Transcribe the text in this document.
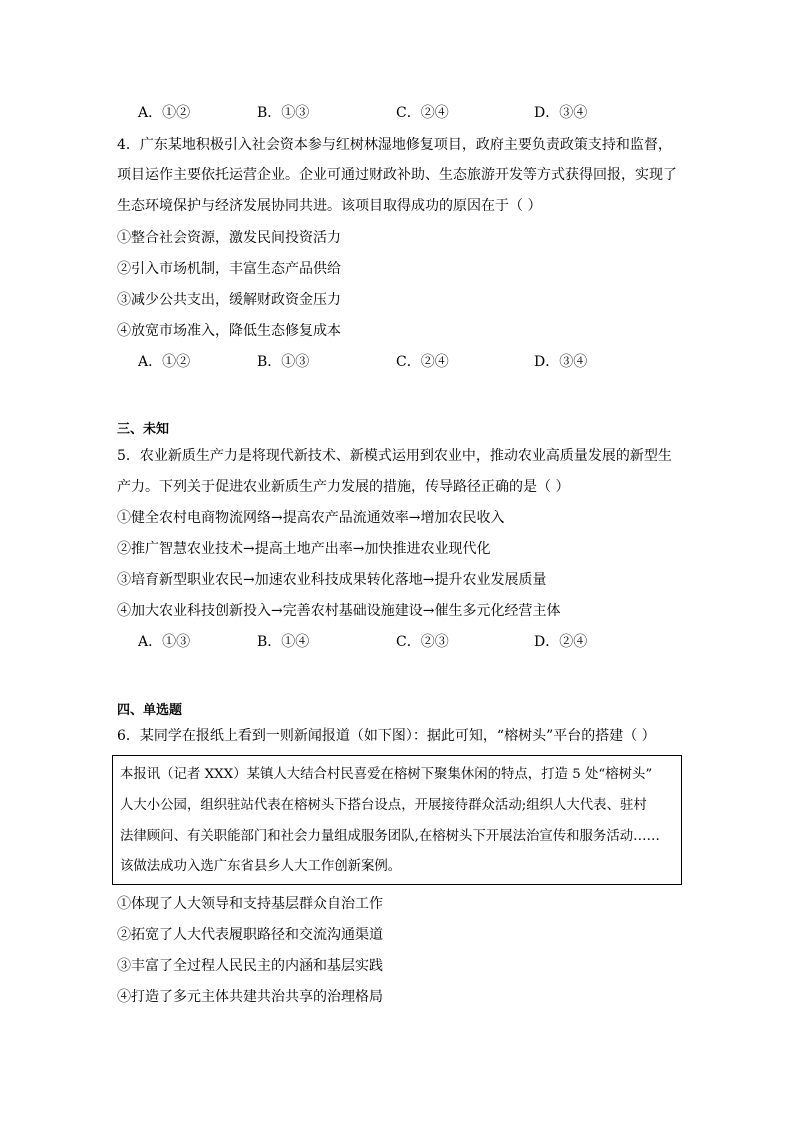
A．①②	B．①③	C．②④	D．③④
4．广东某地积极引入社会资本参与红树林湿地修复项目，政府主要负责政策支持和监督，
项目运作主要依托运营企业。企业可通过财政补助、生态旅游开发等方式获得回报，实现了
生态环境保护与经济发展协同共进。该项目取得成功的原因在于（ ）
①整合社会资源，激发民间投资活力
②引入市场机制，丰富生态产品供给
③减少公共支出，缓解财政资金压力
④放宽市场准入，降低生态修复成本
A．①②	B．①③	C．②④	D．③④
三、未知
5．农业新质生产力是将现代新技术、新模式运用到农业中，推动农业高质量发展的新型生
产力。下列关于促进农业新质生产力发展的措施，传导路径正确的是（ ）
①健全农村电商物流网络→提高农产品流通效率→增加农民收入
②推广智慧农业技术→提高土地产出率→加快推进农业现代化
③培育新型职业农民→加速农业科技成果转化落地→提升农业发展质量
④加大农业科技创新投入→完善农村基础设施建设→催生多元化经营主体
A．①③	B．①④	C．②③	D．②④
四、单选题
6．某同学在报纸上看到一则新闻报道（如下图）：据此可知，“榕树头”平台的搭建（ ）
本报讯（记者 XXX）某镇人大结合村民喜爱在榕树下聚集休闲的特点，打造 5 处“榕树头”
人大小公园，组织驻站代表在榕树头下搭台设点，开展接待群众活动;组织人大代表、驻村
法律顾问、有关职能部门和社会力量组成服务团队,在榕树头下开展法治宣传和服务活动……
该做法成功入选广东省县乡人大工作创新案例。
①体现了人大领导和支持基层群众自治工作
②拓宽了人大代表履职路径和交流沟通渠道
③丰富了全过程人民民主的内涵和基层实践
④打造了多元主体共建共治共享的治理格局
